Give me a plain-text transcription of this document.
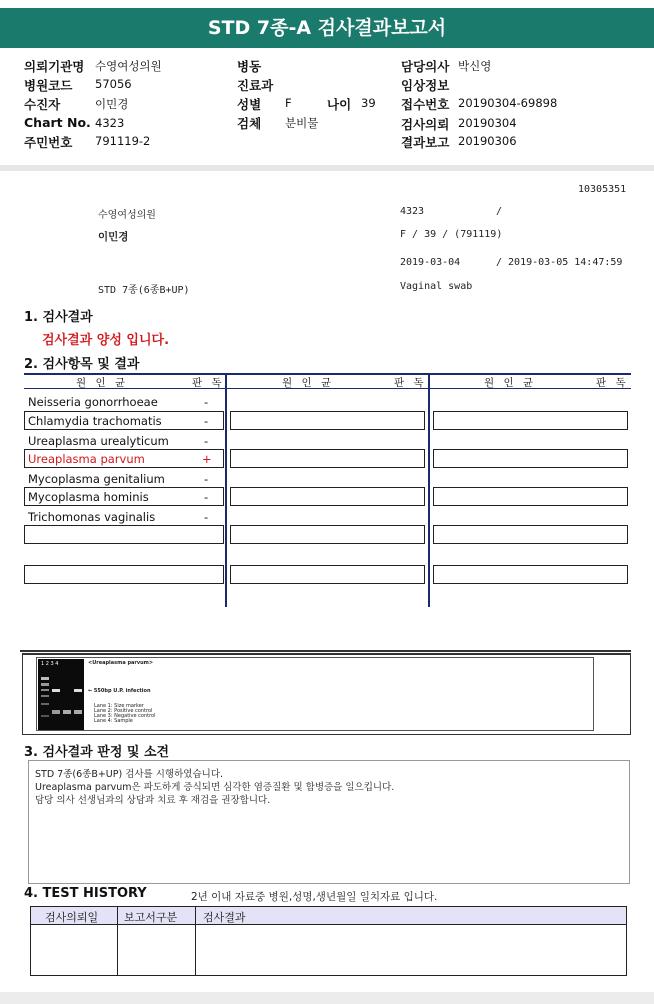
STD 7종-A 검사결과보고서
의뢰기관명 수영여성의원
병원코드 57056
수진자	이민경
Chart No. 4323
주민번호 791119-2
병동
진료과
성별 F	나이 39
검체 분비물
담당의사 박신영
임상정보
접수번호 20190304-69898
검사의뢰 20190304
결과보고 20190306
10305351
수영여성의원	4323	/
이민경	F / 39 / (791119)
2019-03-04	/ 2019-03-05 14:47:59
STD 7종(6종B+UP)	Vaginal swab
1. 검사결과
검사결과 양성 입니다.
2. 검사항목 및 결과
원 인 균	판 독	원 인 균	판 독	원 인 균	판 독
Neisseria gonorrhoeae	-
Chlamydia trachomatis	-
Ureaplasma urealyticum	-
Ureaplasma parvum	+
Mycoplasma genitalium	-
Mycoplasma hominis	-
Trichomonas vaginalis	-
1 2 3 4	<Ureaplasma parvum>
← 550bp U.P. infection
Lane 1: Size marker
Lane 2: Positive control
Lane 3: Negative control
Lane 4: Sample
3. 검사결과 판정 및 소견
STD 7종(6종B+UP) 검사를 시행하였습니다.
Ureaplasma parvum은 파도하게 증식되면 심각한 염증질환 및 합병증을 일으킵니다.
담당 의사 선생님과의 상담과 치료 후 재검을 권장합니다.
4. TEST HISTORY	2년 이내 자료중 병원,성명,생년월일 일치자료 입니다.
검사의뢰일 보고서구분 검사결과
